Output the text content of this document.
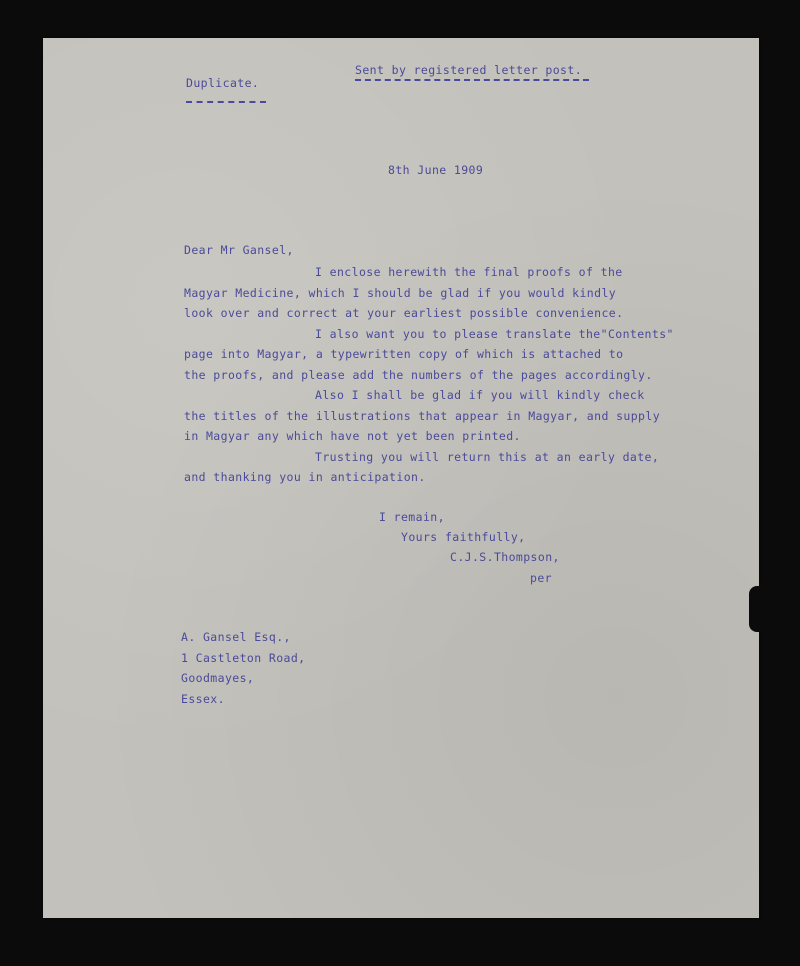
Duplicate.
Sent by registered letter post.
8th June 1909
Dear Mr Gansel,
I enclose herewith the final proofs of the
Magyar Medicine, which I should be glad if you would kindly
look over and correct at your earliest possible convenience.
I also want you to please translate the"Contents"
page into Magyar, a typewritten copy of which is attached to
the proofs, and please add the numbers of the pages accordingly.
Also I shall be glad if you will kindly check
the titles of the illustrations that appear in Magyar, and supply
in Magyar any which have not yet been printed.
Trusting you will return this at an early date,
and thanking you in anticipation.
I remain,
Yours faithfully,
C.J.S.Thompson,
per
A. Gansel Esq.,
1 Castleton Road,
Goodmayes,
Essex.
